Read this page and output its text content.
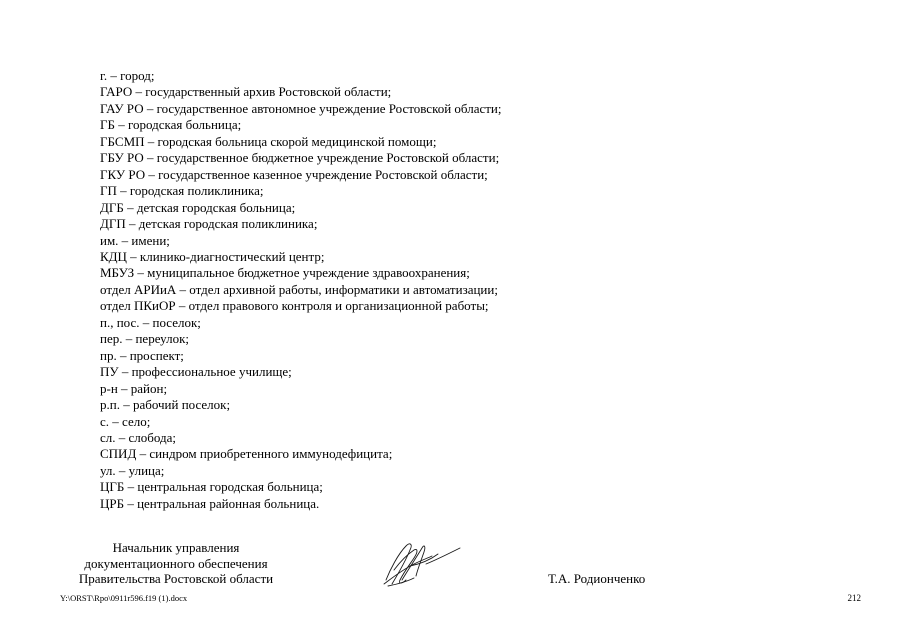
г. – город;
ГАРО – государственный архив Ростовской области;
ГАУ РО – государственное автономное учреждение Ростовской области;
ГБ – городская больница;
ГБСМП – городская больница скорой медицинской помощи;
ГБУ РО – государственное бюджетное учреждение Ростовской области;
ГКУ РО – государственное казенное учреждение Ростовской области;
ГП – городская поликлиника;
ДГБ – детская городская больница;
ДГП – детская городская поликлиника;
им. – имени;
КДЦ – клинико-диагностический центр;
МБУЗ – муниципальное бюджетное учреждение здравоохранения;
отдел АРИиА – отдел архивной работы, информатики и автоматизации;
отдел ПКиОР – отдел правового контроля и организационной работы;
п., пос. – поселок;
пер. – переулок;
пр. – проспект;
ПУ – профессиональное училище;
р-н – район;
р.п. – рабочий поселок;
с. – село;
сл. – слобода;
СПИД – синдром приобретенного иммунодефицита;
ул. – улица;
ЦГБ – центральная городская больница;
ЦРБ – центральная районная больница.
Начальник управления
документационного обеспечения
Правительства Ростовской области	Т.А. Родионченко
Y:\ORST\Rpo\0911r596.f19 (1).docx	212
